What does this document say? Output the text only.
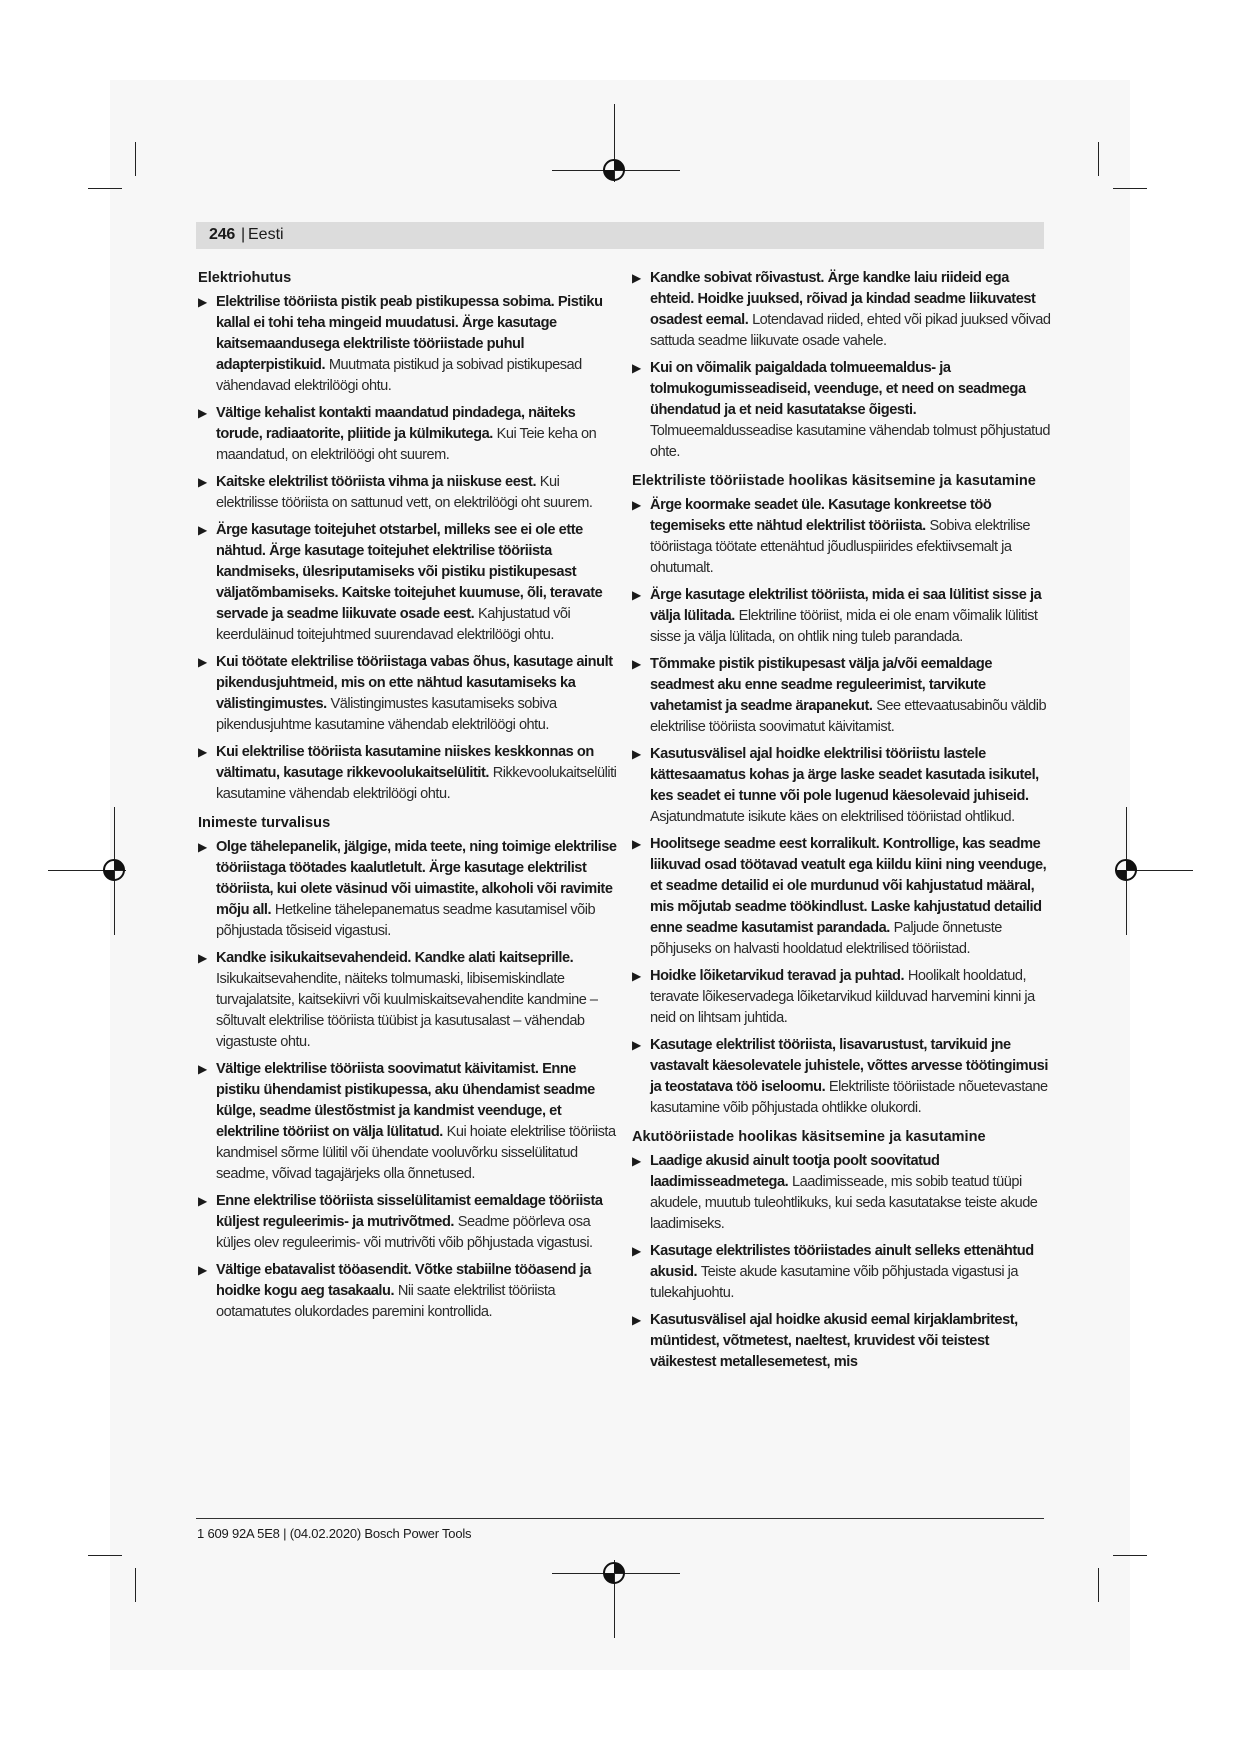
246 | Eesti
Elektriohutus
▶ Elektrilise tööriista pistik peab pistikupessa sobima. Pistiku kallal ei tohi teha mingeid muudatusi. Ärge kasutage kaitsemaandusega elektriliste tööriistade puhul adapterpistikuid. Muutmata pistikud ja sobivad pistikupesad vähendavad elektrilöögi ohtu.
▶ Vältige kehalist kontakti maandatud pindadega, näiteks torude, radiaatorite, pliitide ja külmikutega. Kui Teie keha on maandatud, on elektrilöögi oht suurem.
▶ Kaitske elektrilist tööriista vihma ja niiskuse eest. Kui elektrilisse tööriista on sattunud vett, on elektrilöögi oht suurem.
▶ Ärge kasutage toitejuhet otstarbel, milleks see ei ole ette nähtud. Ärge kasutage toitejuhet elektrilise tööriista kandmiseks, ülesriputamiseks või pistiku pistikupesast väljatõmbamiseks. Kaitske toitejuhet kuumuse, õli, teravate servade ja seadme liikuvate osade eest. Kahjustatud või keerduläinud toitejuhtmed suurendavad elektrilöögi ohtu.
▶ Kui töötate elektrilise tööriistaga vabas õhus, kasutage ainult pikendusjuhtmeid, mis on ette nähtud kasutamiseks ka välistingimustes. Välistingimustes kasutamiseks sobiva pikendusjuhtme kasutamine vähendab elektrilöögi ohtu.
▶ Kui elektrilise tööriista kasutamine niiskes keskkonnas on vältimatu, kasutage rikkevoolukaitselülitit. Rikkevoolukaitselüliti kasutamine vähendab elektrilöögi ohtu.
Inimeste turvalisus
▶ Olge tähelepanelik, jälgige, mida teete, ning toimige elektrilise tööriistaga töötades kaalutletult. Ärge kasutage elektrilist tööriista, kui olete väsinud või uimastite, alkoholi või ravimite mõju all. Hetkeline tähelepanematus seadme kasutamisel võib põhjustada tõsiseid vigastusi.
▶ Kandke isikukaitsevahendeid. Kandke alati kaitseprille. Isikukaitsevahendite, näiteks tolmumaski, libisemiskindlate turvajalatsite, kaitsekiivri või kuulmiskaitsevahendite kandmine – sõltuvalt elektrilise tööriista tüübist ja kasutusalast – vähendab vigastuste ohtu.
▶ Vältige elektrilise tööriista soovimatut käivitamist. Enne pistiku ühendamist pistikupessa, aku ühendamist seadme külge, seadme ülestõstmist ja kandmist veenduge, et elektriline tööriist on välja lülitatud. Kui hoiate elektrilise tööriista kandmisel sõrme lülitil või ühendate vooluvõrku sisselülitatud seadme, võivad tagajärjeks olla õnnetused.
▶ Enne elektrilise tööriista sisselülitamist eemaldage tööriista küljest reguleerimis- ja mutrivõtmed. Seadme pöörleva osa küljes olev reguleerimis- või mutrivõti võib põhjustada vigastusi.
▶ Vältige ebatavalist tööasendit. Võtke stabiilne tööasend ja hoidke kogu aeg tasakaalu. Nii saate elektrilist tööriista ootamatutes olukordades paremini kontrollida.
▶ Kandke sobivat rõivastust. Ärge kandke laiu riideid ega ehteid. Hoidke juuksed, rõivad ja kindad seadme liikuvatest osadest eemal. Lotendavad riided, ehted või pikad juuksed võivad sattuda seadme liikuvate osade vahele.
▶ Kui on võimalik paigaldada tolmueemaldus- ja tolmukogumisseadiseid, veenduge, et need on seadmega ühendatud ja et neid kasutatakse õigesti. Tolmueemaldusseadise kasutamine vähendab tolmust põhjustatud ohte.
Elektriliste tööriistade hoolikas käsitsemine ja kasutamine
▶ Ärge koormake seadet üle. Kasutage konkreetse töö tegemiseks ette nähtud elektrilist tööriista. Sobiva elektrilise tööriistaga töötate ettenähtud jõudluspiirides efektiivsemalt ja ohutumalt.
▶ Ärge kasutage elektrilist tööriista, mida ei saa lülitist sisse ja välja lülitada. Elektriline tööriist, mida ei ole enam võimalik lülitist sisse ja välja lülitada, on ohtlik ning tuleb parandada.
▶ Tõmmake pistik pistikupesast välja ja/või eemaldage seadmest aku enne seadme reguleerimist, tarvikute vahetamist ja seadme ärapanekut. See ettevaatusabinõu väldib elektrilise tööriista soovimatut käivitamist.
▶ Kasutusvälisel ajal hoidke elektrilisi tööriistu lastele kättesaamatus kohas ja ärge laske seadet kasutada isikutel, kes seadet ei tunne või pole lugenud käesolevaid juhiseid. Asjatundmatute isikute käes on elektrilised tööriistad ohtlikud.
▶ Hoolitsege seadme eest korralikult. Kontrollige, kas seadme liikuvad osad töötavad veatult ega kiildu kiini ning veenduge, et seadme detailid ei ole murdunud või kahjustatud määral, mis mõjutab seadme töökindlust. Laske kahjustatud detailid enne seadme kasutamist parandada. Paljude õnnetuste põhjuseks on halvasti hooldatud elektrilised tööriistad.
▶ Hoidke lõiketarvikud teravad ja puhtad. Hoolikalt hooldatud, teravate lõikeservadega lõiketarvikud kiilduvad harvemini kinni ja neid on lihtsam juhtida.
▶ Kasutage elektrilist tööriista, lisavarustust, tarvikuid jne vastavalt käesolevatele juhistele, võttes arvesse töötingimusi ja teostatava töö iseloomu. Elektriliste tööriistade nõuetevastane kasutamine võib põhjustada ohtlikke olukordi.
Akutööriistade hoolikas käsitsemine ja kasutamine
▶ Laadige akusid ainult tootja poolt soovitatud laadimisseadmetega. Laadimisseade, mis sobib teatud tüüpi akudele, muutub tuleohtlikuks, kui seda kasutatakse teiste akude laadimiseks.
▶ Kasutage elektrilistes tööriistades ainult selleks ettenähtud akusid. Teiste akude kasutamine võib põhjustada vigastusi ja tulekahjuohtu.
▶ Kasutusvälisel ajal hoidke akusid eemal kirjaklambritest, müntidest, võtmetest, naeltest, kruvidest või teistest väikestest metallesemetest, mis
1 609 92A 5E8 | (04.02.2020) Bosch Power Tools
